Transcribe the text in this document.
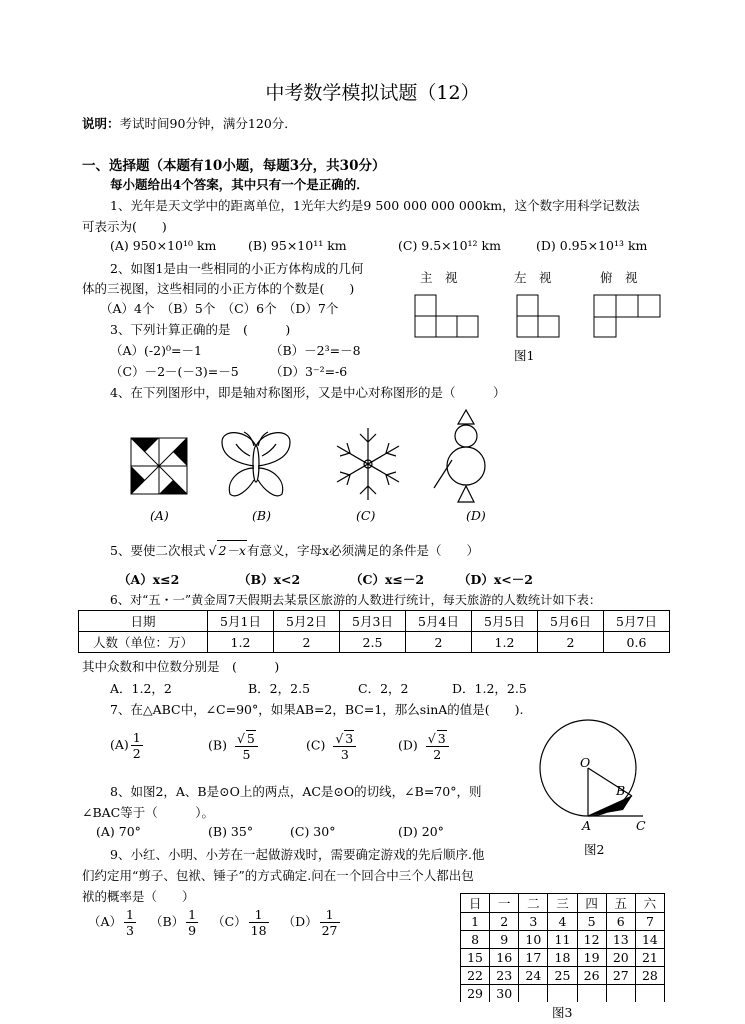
中考数学模拟试题（12）
说明：考试时间90分钟，满分120分．
一、选择题（本题有10小题，每题3分，共30分）
每小题给出4个答案，其中只有一个是正确的．
1、光年是天文学中的距离单位，1光年大约是9 500 000 000 000km，这个数字用科学记数法
可表示为(　　)
(A) 950×10¹⁰ km	(B) 95×10¹¹ km	(C) 9.5×10¹² km	(D) 0.95×10¹³ km
2、如图1是由一些相同的小正方体构成的几何
体的三视图，这些相同的小正方体的个数是(　　)
（A）4个　（B）5个　（C）6个　（D）7个
主　视	左　视	俯　视
图1
3、下列计算正确的是　(　　　)
（A）(-2)⁰=－1	（B）－2³=－8
（C）－2－(－3)=－5	（D）3⁻²=-6
4、在下列图形中，即是轴对称图形，又是中心对称图形的是（　　　）
(A)	(B)	(C)	(D)
5、要使二次根式 √ 2－x有意义，字母x必须满足的条件是（　　）
（A）x≤2	（B）x<2	（C）x≤－2	（D）x<－2
6、对“五・一”黄金周7天假期去某景区旅游的人数进行统计，每天旅游的人数统计如下表：
日期	5月1日	5月2日	5月3日	5月4日	5月5日	5月6日	5月7日
人数（单位：万）	1.2	2	2.5	2	1.2	2	0.6
其中众数和中位数分别是　(　　　)
A．1.2，2	B．2，2.5	C．2，2	D．1.2，2.5
7、在△ABC中，∠C=90°，如果AB=2，BC=1，那么sinA的值是(　　).
$(A) \frac{1}{2}$	$(B) \frac{√ 5}{5}$	$(C) \frac{√ 3}{3}$	$(D) \frac{√ 3}{2}$
O
B
A	C
图2
8、如图2，A、B是⊙O上的两点，AC是⊙O的切线，∠B=70°，则
∠BAC等于（　　　）。
(A) 70°	(B) 35°	(C) 30°	(D) 20°
9、小红、小明、小芳在一起做游戏时，需要确定游戏的先后顺序.他
们约定用“剪子、包袱、锤子”的方式确定.问在一个回合中三个人都出包
袱的概率是（　　）
$(A) \frac{1}{3} (B) \frac{1}{9} (C) \frac{1}{18} (D) \frac{1}{27}$
日	一	二	三	四	五	六
1	2	3	4	5	6	7
8	9	10	11	12	13	14
15	16	17	18	19	20	21
22	23	24	25	26	27	28
29	30					
图3
